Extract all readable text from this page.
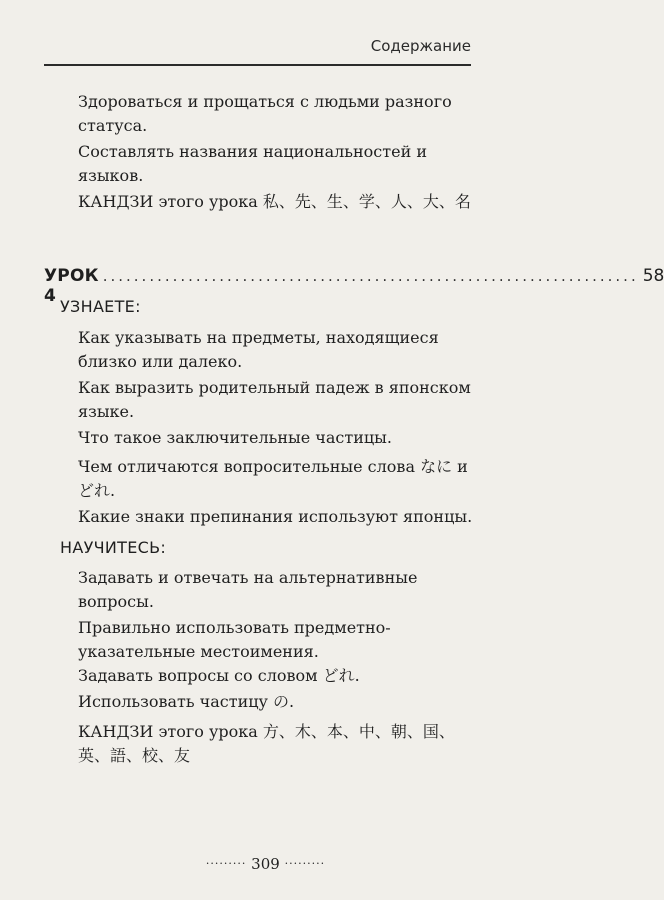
Содержание
Здороваться и прощаться с людьми разного статуса.
Составлять названия национальностей и языков.
КАНДЗИ этого урока 私、先、生、学、人、大、名
УРОК 4
..................................................................... 58
УЗНАЕТЕ:
Как указывать на предметы, находящиеся близко или далеко.
Как выразить родительный падеж в японском языке.
Что такое заключительные частицы.
Чем отличаются вопросительные слова なに и どれ.
Какие знаки препинания используют японцы.
НАУЧИТЕСЬ:
Задавать и отвечать на альтернативные вопросы.
Правильно использовать предметно-указательные местоимения.
Задавать вопросы со словом どれ.
Использовать частицу の.
КАНДЗИ этого урока 方、木、本、中、朝、国、英、語、校、友
········· 309 ·········
